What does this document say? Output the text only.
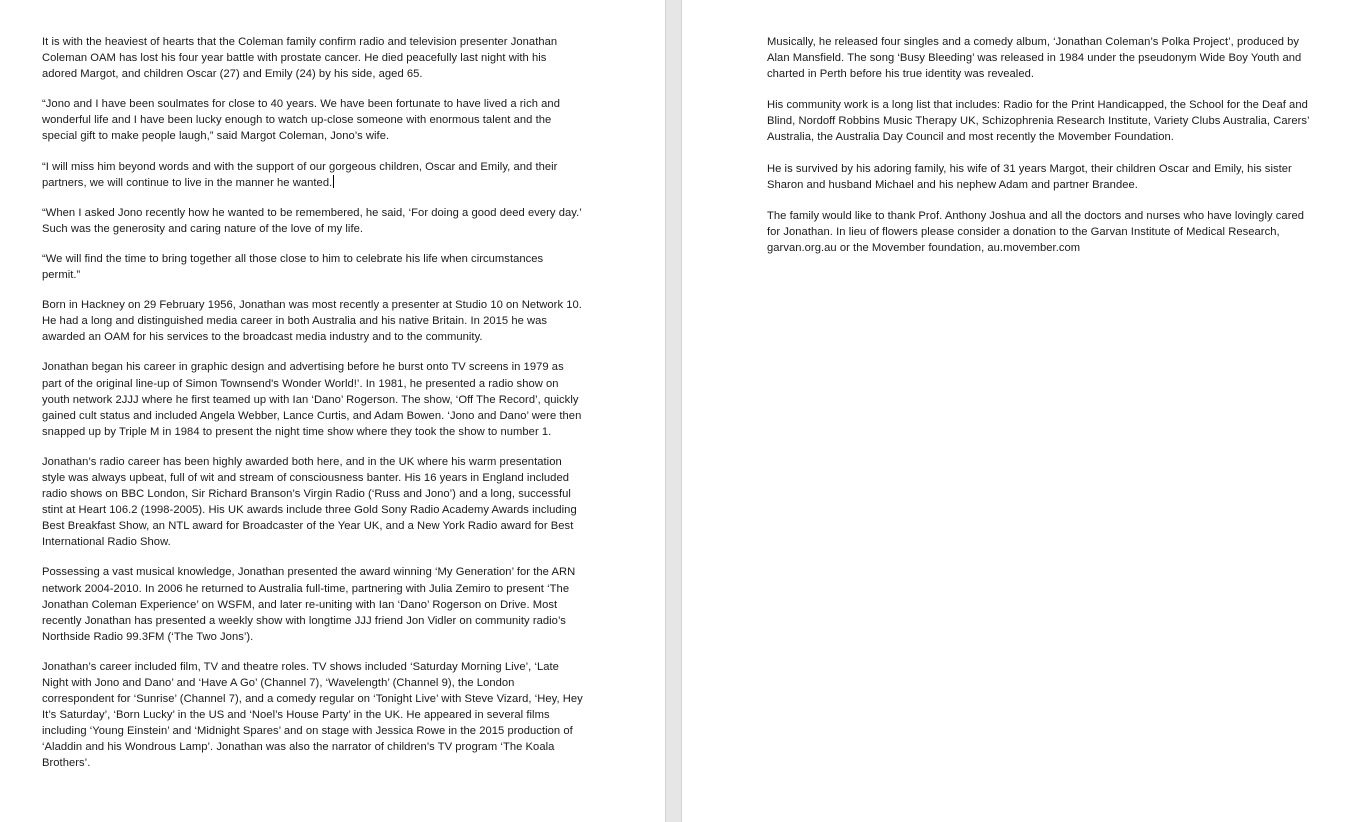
It is with the heaviest of hearts that the Coleman family confirm radio and television presenter Jonathan Coleman OAM has lost his four year battle with prostate cancer. He died peacefully last night with his adored Margot, and children Oscar (27) and Emily (24) by his side, aged 65.

“Jono and I have been soulmates for close to 40 years. We have been fortunate to have lived a rich and wonderful life and I have been lucky enough to watch up-close someone with enormous talent and the special gift to make people laugh,” said Margot Coleman, Jono’s wife.

“I will miss him beyond words and with the support of our gorgeous children, Oscar and Emily, and their partners, we will continue to live in the manner he wanted.

“When I asked Jono recently how he wanted to be remembered, he said, ‘For doing a good deed every day.’ Such was the generosity and caring nature of the love of my life.

“We will find the time to bring together all those close to him to celebrate his life when circumstances permit.”

Born in Hackney on 29 February 1956, Jonathan was most recently a presenter at Studio 10 on Network 10. He had a long and distinguished media career in both Australia and his native Britain. In 2015 he was awarded an OAM for his services to the broadcast media industry and to the community.

Jonathan began his career in graphic design and advertising before he burst onto TV screens in 1979 as part of the original line-up of Simon Townsend's Wonder World!’. In 1981, he presented a radio show on youth network 2JJJ where he first teamed up with Ian ‘Dano’ Rogerson. The show, ‘Off The Record’, quickly gained cult status and included Angela Webber, Lance Curtis, and Adam Bowen. ‘Jono and Dano’ were then snapped up by Triple M in 1984 to present the night time show where they took the show to number 1.

Jonathan’s radio career has been highly awarded both here, and in the UK where his warm presentation style was always upbeat, full of wit and stream of consciousness banter. His 16 years in England included radio shows on BBC London, Sir Richard Branson’s Virgin Radio (‘Russ and Jono’) and a long, successful stint at Heart 106.2 (1998-2005). His UK awards include three Gold Sony Radio Academy Awards including Best Breakfast Show, an NTL award for Broadcaster of the Year UK, and a New York Radio award for Best International Radio Show.

Possessing a vast musical knowledge, Jonathan presented the award winning ‘My Generation’ for the ARN network 2004-2010. In 2006 he returned to Australia full-time, partnering with Julia Zemiro to present ‘The Jonathan Coleman Experience’ on WSFM, and later re-uniting with Ian ‘Dano’ Rogerson on Drive. Most recently Jonathan has presented a weekly show with longtime JJJ friend Jon Vidler on community radio’s Northside Radio 99.3FM (‘The Two Jons’).

Jonathan’s career included film, TV and theatre roles. TV shows included ‘Saturday Morning Live’, ‘Late Night with Jono and Dano’ and ‘Have A Go’ (Channel 7), ‘Wavelength’ (Channel 9), the London correspondent for ‘Sunrise’ (Channel 7), and a comedy regular on ‘Tonight Live’ with Steve Vizard, ‘Hey, Hey It’s Saturday’, ‘Born Lucky’ in the US and ‘Noel’s House Party’ in the UK. He appeared in several films including ‘Young Einstein’ and ‘Midnight Spares’ and on stage with Jessica Rowe in the 2015 production of ‘Aladdin and his Wondrous Lamp’. Jonathan was also the narrator of children’s TV program ‘The Koala Brothers’.

Musically, he released four singles and a comedy album, ‘Jonathan Coleman’s Polka Project’, produced by Alan Mansfield. The song ‘Busy Bleeding’ was released in 1984 under the pseudonym Wide Boy Youth and charted in Perth before his true identity was revealed.

His community work is a long list that includes: Radio for the Print Handicapped, the School for the Deaf and Blind, Nordoff Robbins Music Therapy UK, Schizophrenia Research Institute, Variety Clubs Australia, Carers’ Australia, the Australia Day Council and most recently the Movember Foundation.

He is survived by his adoring family, his wife of 31 years Margot, their children Oscar and Emily, his sister Sharon and husband Michael and his nephew Adam and partner Brandee.

The family would like to thank Prof. Anthony Joshua and all the doctors and nurses who have lovingly cared for Jonathan. In lieu of flowers please consider a donation to the Garvan Institute of Medical Research, garvan.org.au or the Movember foundation, au.movember.com
